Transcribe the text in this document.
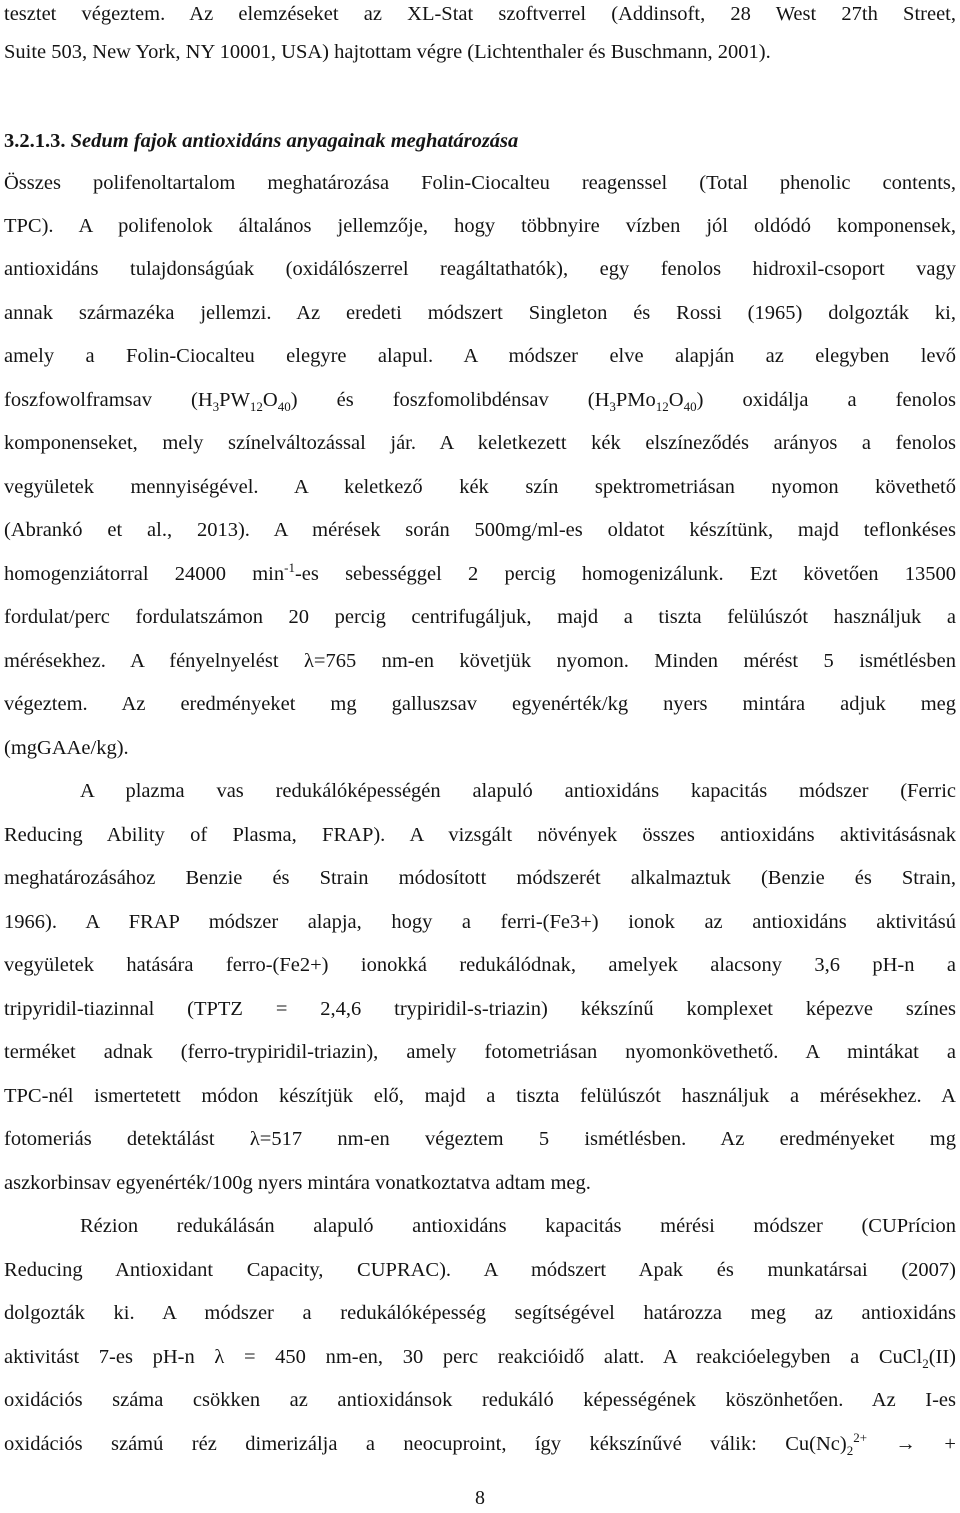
tesztet végeztem. Az elemzéseket az XL-Stat szoftverrel (Addinsoft, 28 West 27th Street,
Suite 503, New York, NY 10001, USA) hajtottam végre (Lichtenthaler és Buschmann, 2001).
3.2.1.3. Sedum fajok antioxidáns anyagainak meghatározása
Összes polifenoltartalom meghatározása Folin-Ciocalteu reagenssel (Total phenolic contents,
TPC). A polifenolok általános jellemzője, hogy többnyire vízben jól oldódó komponensek,
antioxidáns tulajdonságúak (oxidálószerrel reagáltathatók), egy fenolos hidroxil-csoport vagy
annak származéka jellemzi. Az eredeti módszert Singleton és Rossi (1965) dolgozták ki,
amely a Folin-Ciocalteu elegyre alapul. A módszer elve alapján az elegyben levő
foszfowolframsav $(H_3PW_{12}O_{40})$ és foszfomolibdénsav $(H_3PMo_{12}O_{40})$ oxidálja a fenolos
komponenseket, mely színelváltozással jár. A keletkezett kék elszíneződés arányos a fenolos
vegyületek mennyiségével. A keletkező kék szín spektrometriásan nyomon követhető
(Abrankó et al., 2013). A mérések során 500mg/ml-es oldatot készítünk, majd teflonkéses
homogenziátorral 24000 $\min^{-1}-es$ sebességgel 2 percig homogenizálunk. Ezt követően 13500
fordulat/perc fordulatszámon 20 percig centrifugáljuk, majd a tiszta felülúszót használjuk a
mérésekhez. A fényelnyelést λ=765 nm-en követjük nyomon. Minden mérést 5 ismétlésben
végeztem. Az eredményeket mg galluszsav egyenérték/kg nyers mintára adjuk meg
(mgGAAe/kg).
A plazma vas redukálóképességén alapuló antioxidáns kapacitás módszer (Ferric
Reducing Ability of Plasma, FRAP). A vizsgált növények összes antioxidáns aktivitásásnak
meghatározásához Benzie és Strain módosított módszerét alkalmaztuk (Benzie és Strain,
1966). A FRAP módszer alapja, hogy a ferri-(Fe3+) ionok az antioxidáns aktivitású
vegyületek hatására ferro-(Fe2+) ionokká redukálódnak, amelyek alacsony 3,6 pH-n a
tripyridil-tiazinnal (TPTZ = 2,4,6 trypiridil-s-triazin) kékszínű komplexet képezve színes
terméket adnak (ferro-trypiridil-triazin), amely fotometriásan nyomonkövethető. A mintákat a
TPC-nél ismertetett módon készítjük elő, majd a tiszta felülúszót használjuk a mérésekhez. A
fotomeriás detektálást λ=517 nm-en végeztem 5 ismétlésben. Az eredményeket mg
aszkorbinsav egyenérték/100g nyers mintára vonatkoztatva adtam meg.
Rézion redukálásán alapuló antioxidáns kapacitás mérési módszer (CUPrícion
Reducing Antioxidant Capacity, CUPRAC). A módszert Apak és munkatársai (2007)
dolgozták ki. A módszer a redukálóképesség segítségével határozza meg az antioxidáns
aktivitást 7-es pH-n λ = 450 nm-en, 30 perc reakcióidő alatt. A reakcióelegyben a CuCl$_2$(II)
oxidációs száma csökken az antioxidánsok redukáló képességének köszönhetően. Az I-es
oxidációs számú réz dimerizálja a neocuproint, így kékszínűvé válik: $Cu(Nc)_2^{2+}$ → +
8
